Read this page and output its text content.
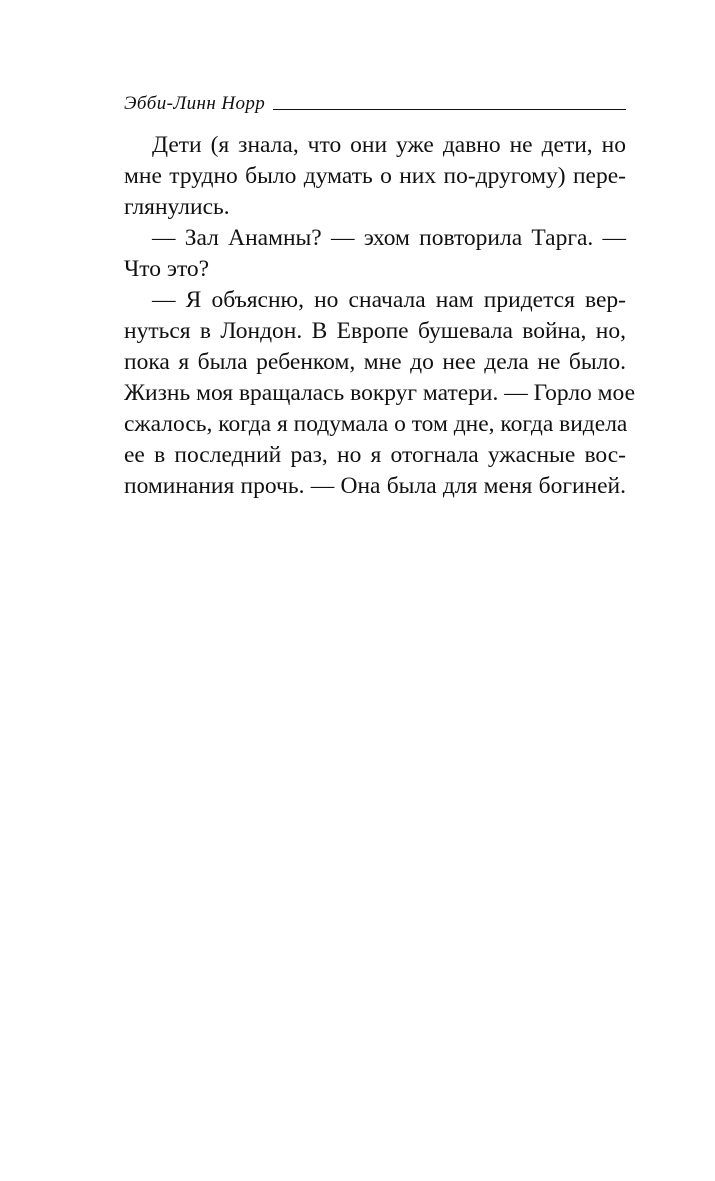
Эбби-Линн Норр
Дети (я знала, что они уже давно не дети, но
мне трудно было думать о них по-другому) пере-
глянулись.
— Зал Анамны? — эхом повторила Тарга. —
Что это?
— Я объясню, но сначала нам придется вер-
нуться в Лондон. В Европе бушевала война, но,
пока я была ребенком, мне до нее дела не было.
Жизнь моя вращалась вокруг матери. — Горло мое
сжалось, когда я подумала о том дне, когда видела
ее в последний раз, но я отогнала ужасные вос-
поминания прочь. — Она была для меня богиней.
